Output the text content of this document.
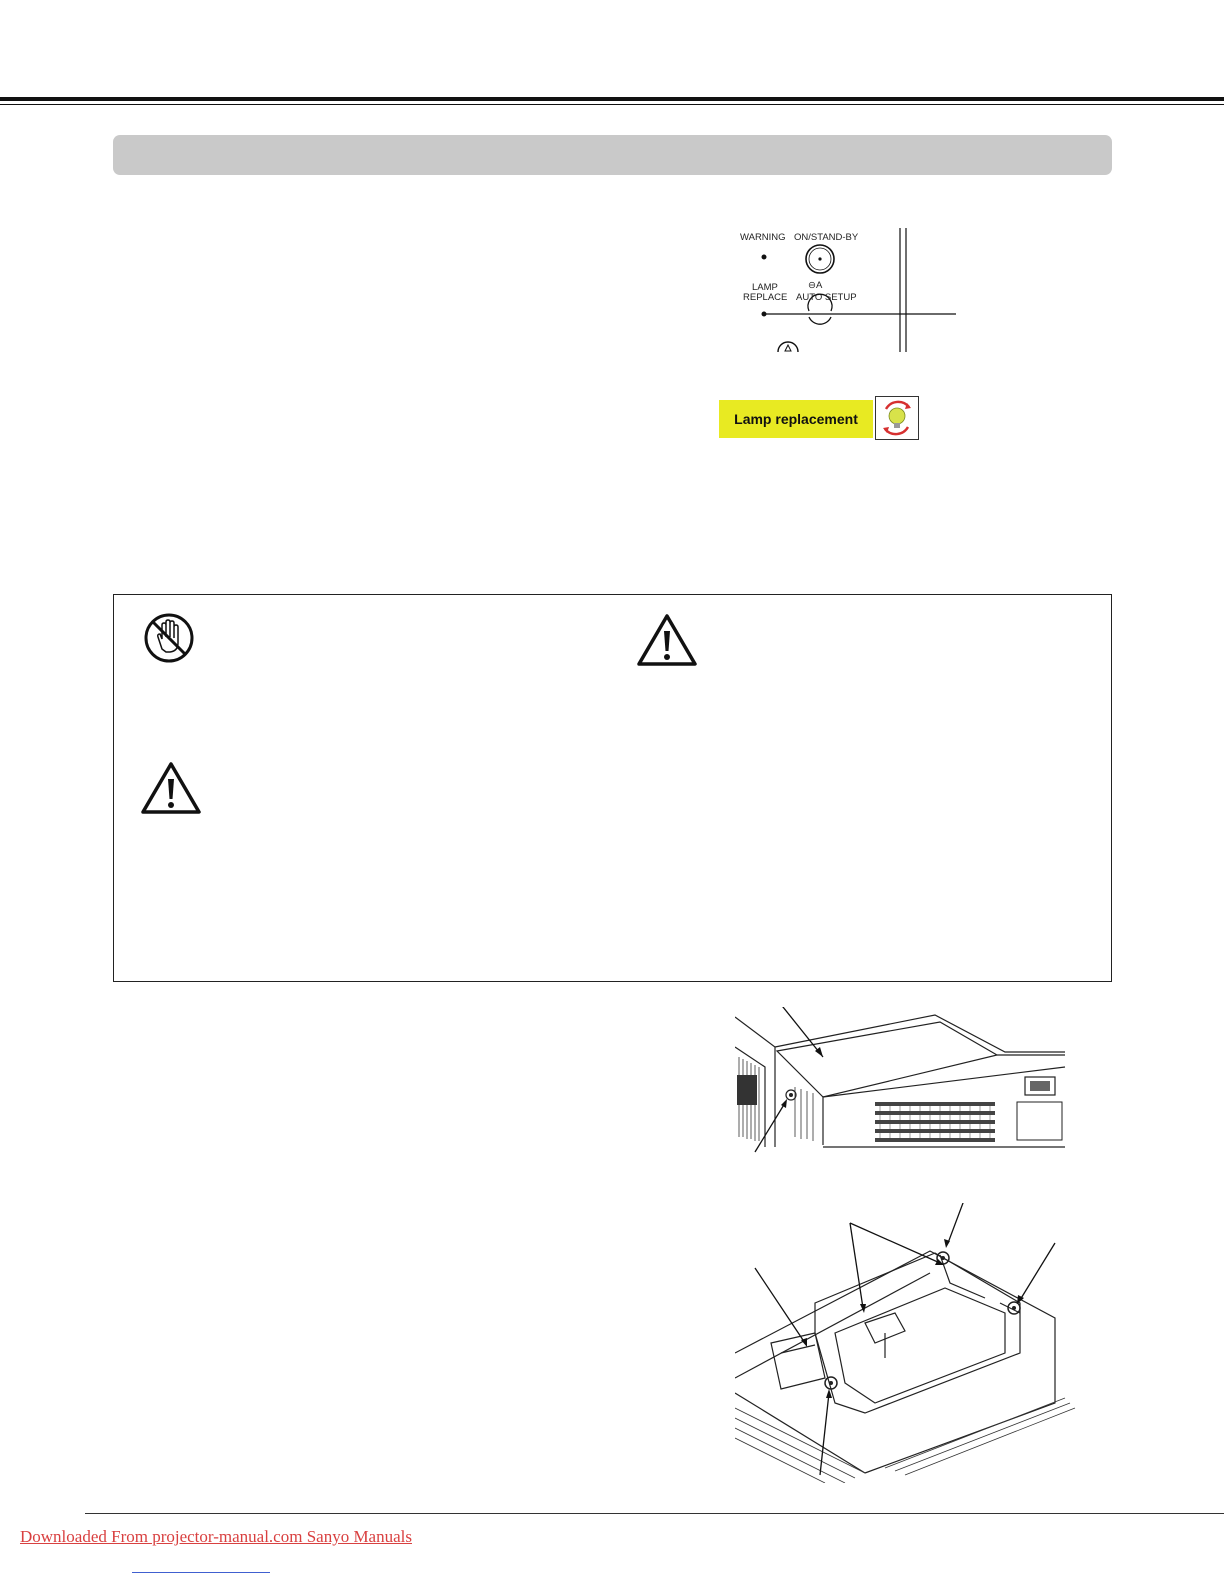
WARNING ON/STAND-BY
LAMP
REPLACE
⊖A
AUTO SETUP
Lamp replacement
Downloaded From projector-manual.com Sanyo Manuals
